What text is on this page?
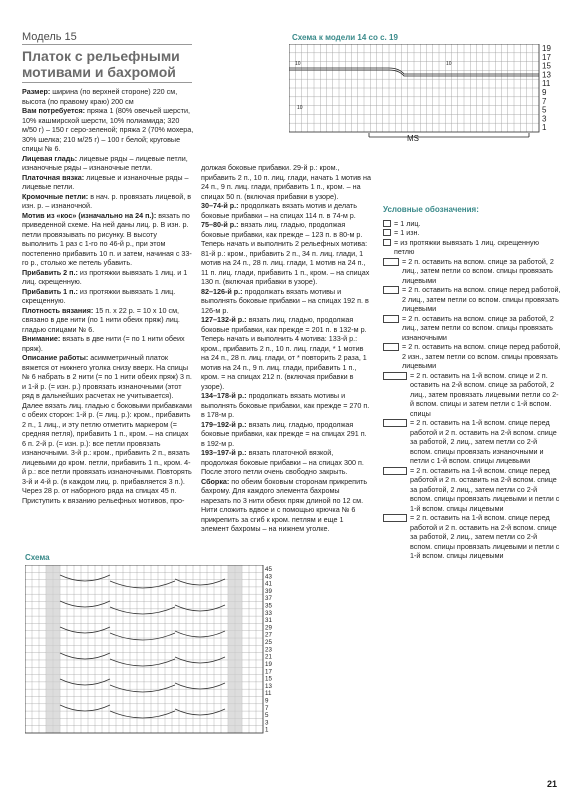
Модель 15
Платок с рельефными
мотивами и бахромой
Схема к модели 14 со с. 19
19
17
15
13
11
9
7
5
3
1
10	10
10
MS

Размер: ширина (по верхней стороне) 220 см, высота (по правому краю) 200 см

Вам потребуется: пряжа 1 (80% овечьей шерсти, 10% кашмирской шерсти, 10% полиамида; 320 м/50 г) – 150 г серо-зеленой; пряжа 2 (70% мохера, 30% шелка; 210 м/25 г) – 100 г белой; круговые спицы № 6.

Лицевая гладь: лицевые ряды – лицевые петли, изнаночные ряды – изнаночные петли.

Платочная вязка: лицевые и изнаночные ряды – лицевые петли.

Кромочные петли: в нач. р. провязать лицевой, в изн. р. – изнаночной.

Мотив из «кос» (изначально на 24 п.): вязать по приведенной схеме. На ней даны лиц. р. В изн. р. петли провязывать по рисунку. В высоту выполнить 1 раз с 1-го по 46-й р., при этом постепенно прибавить 10 п. и затем, начиная с 33-го р., столько же петель убавить.

Прибавить 2 п.: из протяжки вывязать 1 лиц. и 1 лиц. скрещенную.

Прибавить 1 п.: из протяжки вывязать 1 лиц. скрещенную.

Плотность вязания: 15 п. x 22 р. = 10 x 10 см, связано в две нити (по 1 нити обеих пряж) лиц. гладью спицами № 6.

Внимание: вязать в две нити (= по 1 нити обеих пряж).

Описание работы: асимметричный платок вяжется от нижнего уголка снизу вверх. На спицы № 6 набрать в 2 нити (= по 1 нити обеих пряж) 3 п. и 1-й р. (= изн. р.) провязать изнаночными (этот ряд в дальнейших расчетах не учитывается). Далее вязать лиц. гладью с боковыми прибавками с обеих сторон: 1-й р. (= лиц. р.): кром., прибавить 2 п., 1 лиц., и эту петлю отметить маркером (= средняя петля), прибавить 1 п., кром. – на спицах 6 п. 2-й р. (= изн. р.): все петли провязать изнаночными. 3-й р.: кром., прибавить 2 п., вязать лицевыми до кром. петли, прибавить 1 п., кром. 4-й р.: все петли провязать изнаночными. Повторять 3-й и 4-й р. (в каждом лиц. р. прибавляется 3 п.).

Через 28 р. от наборного ряда на спицах 45 п. Приступить к вязанию рельефных мотивов, про-

должая боковые прибавки. 29-й р.: кром., прибавить 2 п., 10 п. лиц. глади, начать 1 мотив на 24 п., 9 п. лиц. глади, прибавить 1 п., кром. – на спицах 50 п. (включая прибавки в узоре).

30–74-й р.: продолжать вязать мотив и делать боковые прибавки – на спицах 114 п. в 74-м р.

75–80-й р.: вязать лиц. гладью, продолжая боковые прибавки, как прежде – 123 п. в 80-м р. Теперь начать и выполнить 2 рельефных мотива: 81-й р.: кром., прибавить 2 п., 34 п. лиц. глади, 1 мотив на 24 п., 28 п. лиц. глади, 1 мотив на 24 п., 11 п. лиц. глади, прибавить 1 п., кром. – на спицах 130 п. (включая прибавки в узоре).

82–126-й р.: продолжать вязать мотивы и выполнять боковые прибавки – на спицах 192 п. в 126-м р.

127–132-й р.: вязать лиц. гладью, продолжая боковые прибавки, как прежде = 201 п. в 132-м р. Теперь начать и выполнить 4 мотива: 133-й р.: кром., прибавить 2 п., 10 п. лиц. глади, * 1 мотив на 24 п., 28 п. лиц. глади, от * повторить 2 раза, 1 мотив на 24 п., 9 п. лиц. глади, прибавить 1 п., кром. = на спицах 212 п. (включая прибавки в узоре).

134–178-й р.: продолжать вязать мотивы и выполнять боковые прибавки, как прежде = 270 п. в 178-м р.

179–192-й р.: вязать лиц. гладью, продолжая боковые прибавки, как прежде = на спицах 291 п. в 192-м р.

193–197-й р.: вязать платочной вязкой, продолжая боковые прибавки – на спицах 300 п. После этого петли очень свободно закрыть.

Сборка: по обеим боковым сторонам прикрепить бахрому. Для каждого элемента бахромы нарезать по 3 нити обеих пряж длиной по 12 см. Нити сложить вдвое и с помощью крючка № 6 прикрепить за сгиб к кром. петлям и еще 1 элемент бахромы – на нижнем уголке.

Условные обозначения:
= 1 лиц.
= 1 изн.
= из протяжки вывязать 1 лиц. скрещенную петлю
= 2 п. оставить на вспом. спице за работой, 2 лиц., затем петли со вспом. спицы провязать лицевыми
= 2 п. оставить на вспом. спице перед работой, 2 лиц., затем петли со вспом. спицы провязать лицевыми
= 2 п. оставить на вспом. спице за работой, 2 лиц., затем петли со вспом. спицы провязать изнаночными
= 2 п. оставить на вспом. спице перед работой, 2 изн., затем петли со вспом. спицы провязать лицевыми
= 2 п. оставить на 1-й вспом. спице и 2 п. оставить на 2-й вспом. спице за работой, 2 лиц., затем провязать лицевыми петли со 2-й вспом. спицы и затем петли с 1-й вспом. спицы
= 2 п. оставить на 1-й вспом. спице перед работой и 2 п. оставить на 2-й вспом. спице за работой, 2 лиц., затем петли со 2-й вспом. спицы провязать изнаночными и петли с 1-й вспом. спицы лицевыми
= 2 п. оставить на 1-й вспом. спице перед работой и 2 п. оставить на 2-й вспом. спице за работой, 2 лиц., затем петли со 2-й вспом. спицы провязать лицевыми и петли с 1-й вспом. спицы лицевыми
= 2 п. оставить на 1-й вспом. спице перед работой и 2 п. оставить на 2-й вспом. спице за работой, 2 лиц., затем петли со 2-й вспом. спицы провязать лицевыми и петли с 1-й вспом. спицы лицевыми
Схема
45
43
41
39
37
35
33
31
29
27
25
23
21
19
17
15
13
11
9
7
5
3
1
21
